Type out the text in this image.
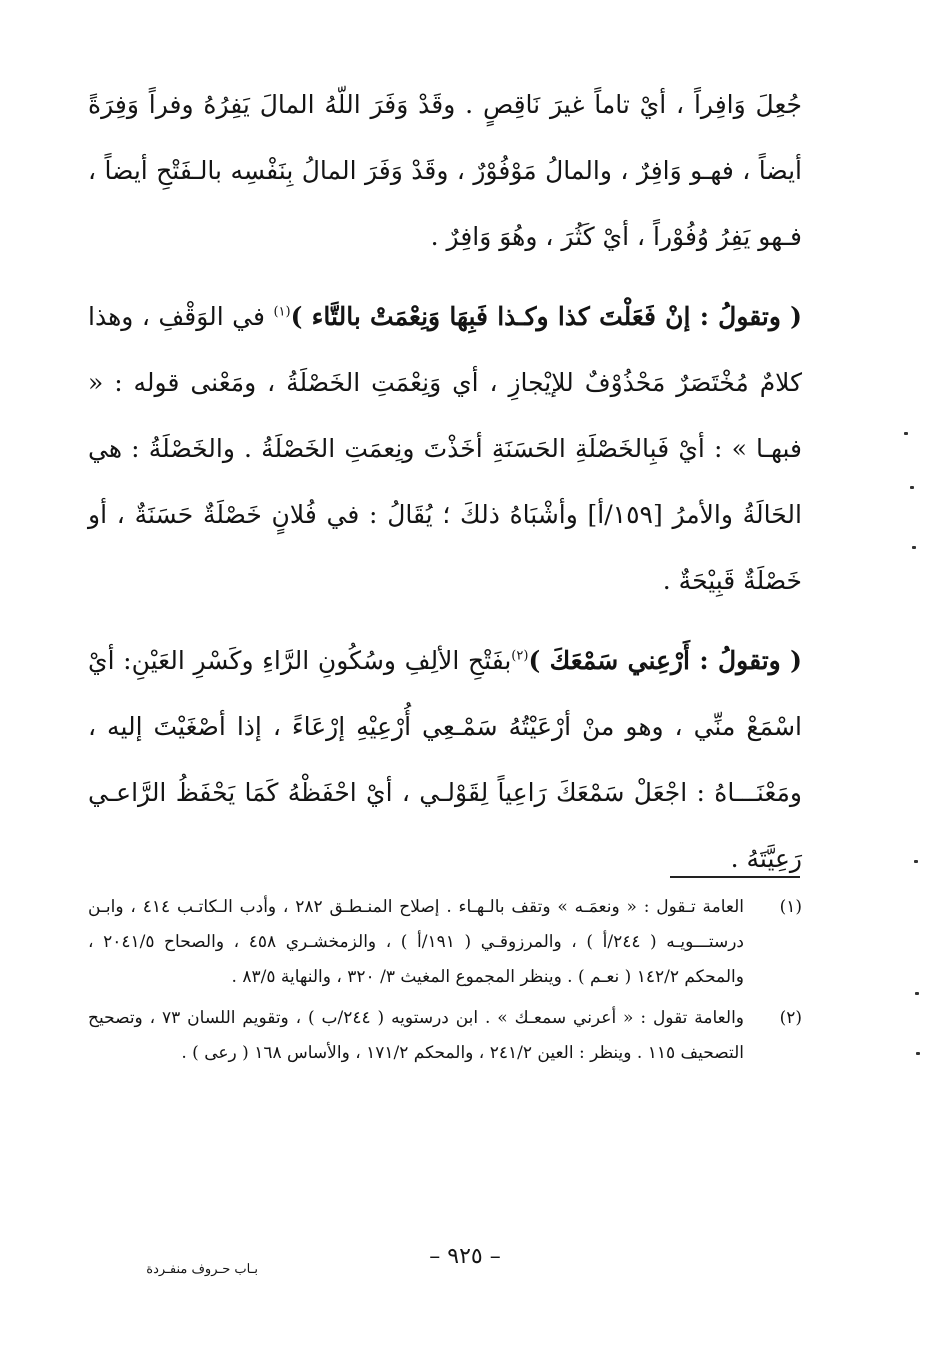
جُعِلَ وَافِراً ، أيْ تاماً غيرَ نَاقِصٍ . وقَدْ وَفَرَ اللّهُ المالَ يَفِرُهُ وفراً وَفِرَةً أيضاً ، فهـو وَافِرٌ ، والمالُ مَوْفُوْرٌ ، وقَدْ وَفَرَ المالُ بِنَفْسِه بالـفَتْحِ أيضاً ، فـهو يَفِرُ وُفُوْراً ، أيْ كَثُرَ ، وهُوَ وَافِرٌ .

( وتقولُ : إنْ فَعَلْتَ كذا وكـذا فَبِهَا وَنِعْمَتْ بالتَّاء )$^{(١)}$ في الوَقْفِ ، وهذا كلامٌ مُخْتَصَرٌ مَحْذُوْفٌ للإيْجازِ ، أي وَنِعْمَتِ الخَصْلَةُ ، ومَعْنى قوله : « فبهـا » : أيْ فَبِالخَصْلَةِ الحَسَنَةِ أخَذْتَ ونِعمَتِ الخَصْلَةُ . والخَصْلَةُ : هي الحَالَةُ والأمرُ [١٥٩/أ] وأشْبَاهُ ذلكَ ؛ يُقَالُ : في فُلانٍ خَصْلَةٌ حَسَنَةٌ ، أو خَصْلَةٌ قَبِيْحَةٌ .

( وتقولُ : أَرْعِني سَمْعَكَ )$^{(٢)}$بفَتْحِ الألِفِ وسُكُونِ الرَّاءِ وكَسْرِ العَيْنِ: أيْ اسْمَعْ منِّي ، وهو منْ أرْعَيْتُهُ سَمْـعِي أُرْعِيْهِ إرْعَاءً ، إذا أصْغَيْتَ إليه ، ومَعْنَـــاهُ : اجْعَلْ سَمْعَكَ رَاعِياً لِقَوْلـي ، أيْ احْفَظْهُ كَمَا يَحْفَظُ الرَّاعـي رَعِيَّتَهُ .

(١)
العامة تـقول : « ونعمَـه » وتقف بالـهـاء . إصلاح المنـطـق ٢٨٢ ، وأدب الـكاتـب ٤١٤ ، وابـن درستـــويـه ( ٢٤٤/أ ) ، والمرزوقـي ( ١٩١/أ ) ، والزمخشـري ٤٥٨ ، والصحاح ٢٠٤١/٥ ، والمحكم ١٤٢/٢ ( نعـم ) . وينظر المجموع المغيث ٣/ ٣٢٠ ، والنهاية ٨٣/٥ .
(٢)
والعامة تقول : « أعرني سمعـك » . ابن درستويه ( ٢٤٤/ب ) ، وتقويم اللسان ٧٣ ، وتصحيح التصحيف ١١٥ . وينظر : العين ٢٤١/٢ ، والمحكم ١٧١/٢ ، والأساس ١٦٨ ( رعى ) .
– ٩٢٥ –
بـاب حـروف منفـردة
